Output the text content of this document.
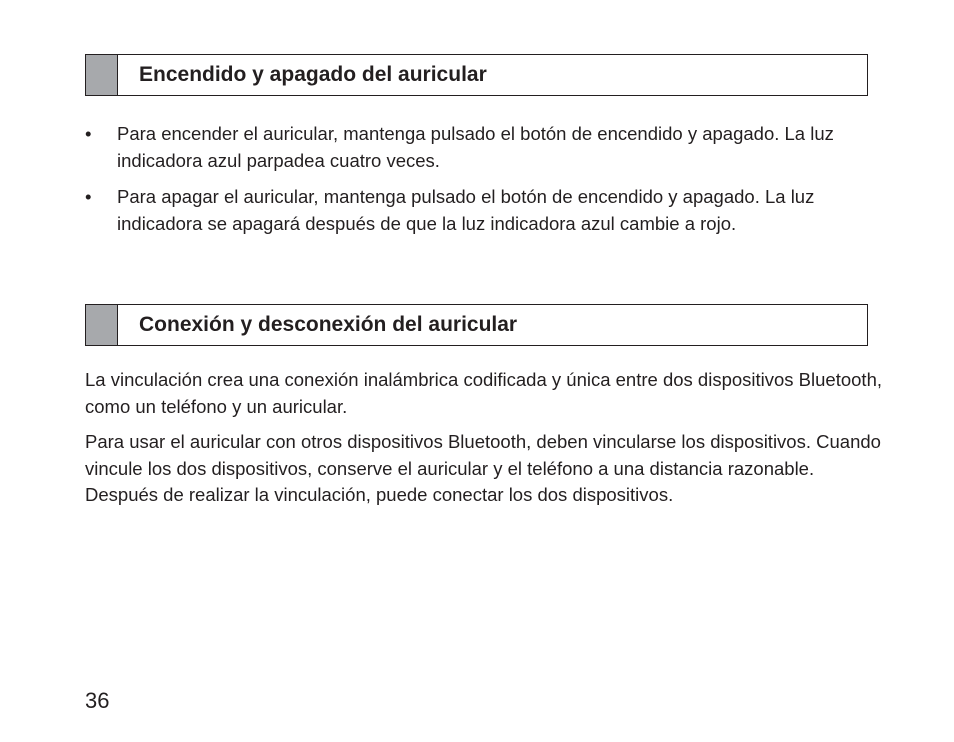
Encendido y apagado del auricular
• Para encender el auricular, mantenga pulsado el botón de encendido y apagado. La luz indicadora azul parpadea cuatro veces.
• Para apagar el auricular, mantenga pulsado el botón de encendido y apagado. La luz indicadora se apagará después de que la luz indicadora azul cambie a rojo.
Conexión y desconexión del auricular

La vinculación crea una conexión inalámbrica codificada y única entre dos dispositivos Bluetooth, como un teléfono y un auricular.

Para usar el auricular con otros dispositivos Bluetooth, deben vincularse los dispositivos. Cuando vincule los dos dispositivos, conserve el auricular y el teléfono a una distancia razonable. Después de realizar la vinculación, puede conectar los dos dispositivos.

36
